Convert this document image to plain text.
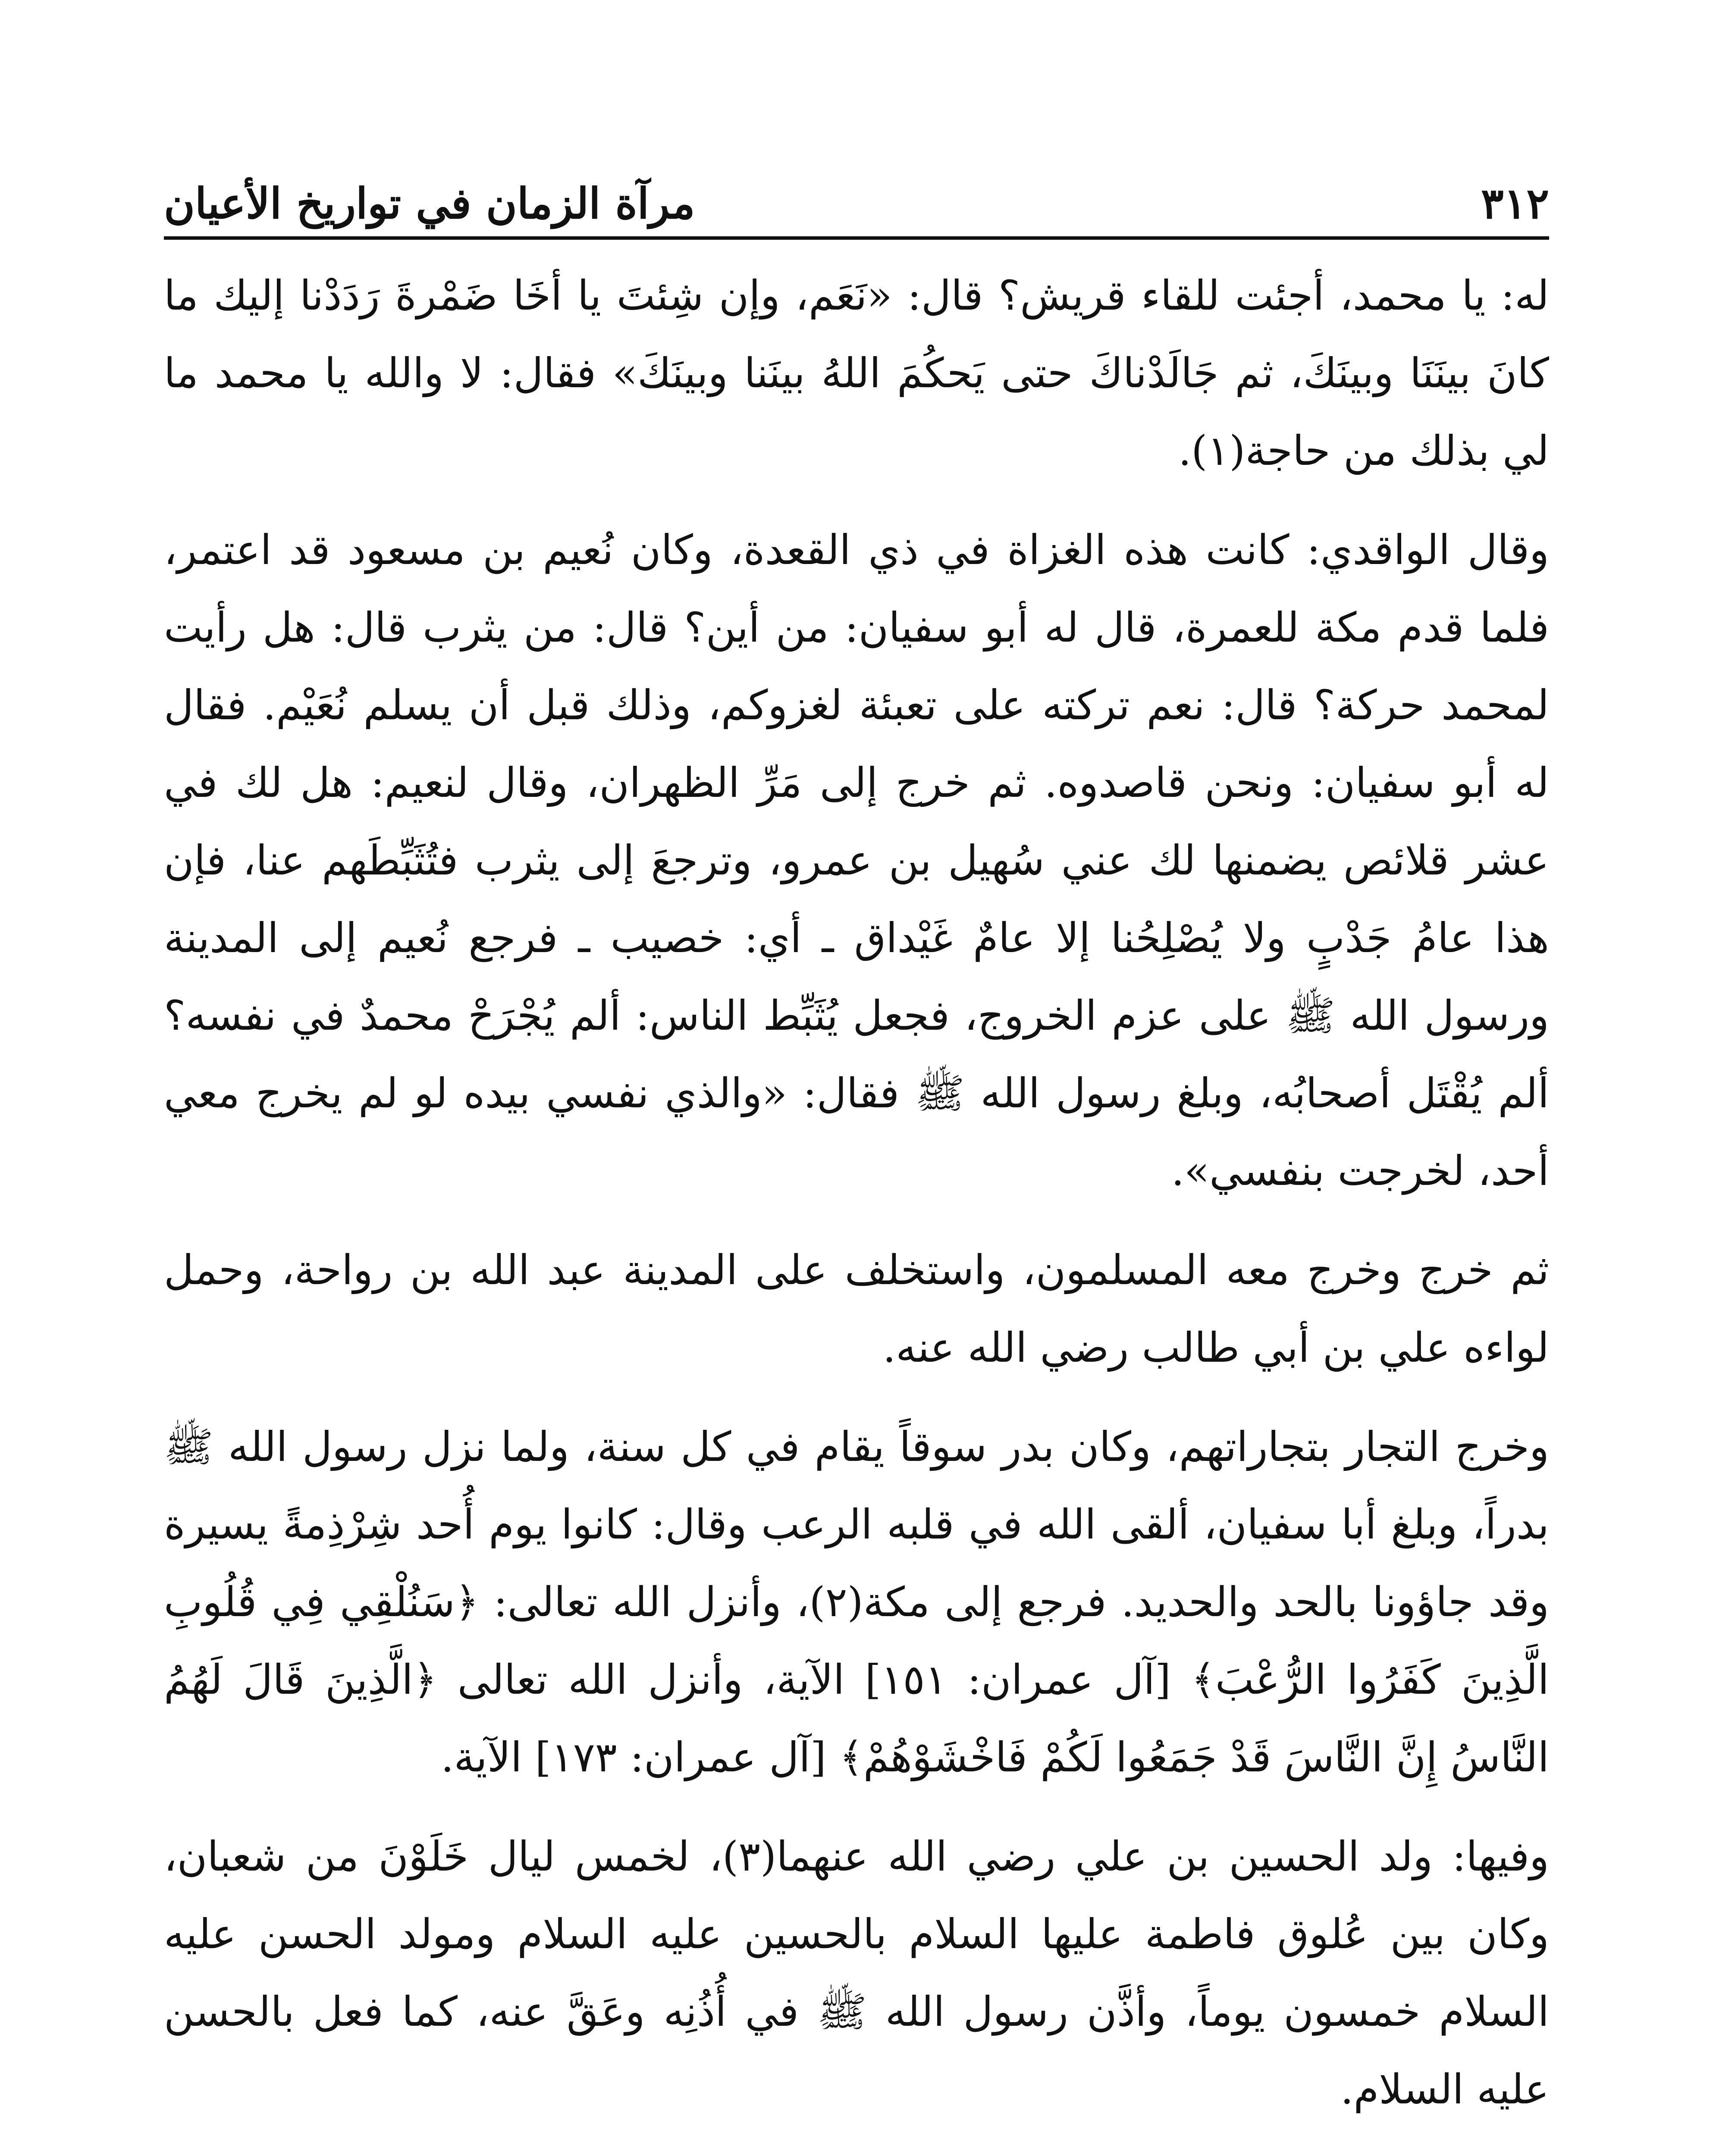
مرآة الزمان في تواريخ الأعيان	٣١٢

له: يا محمد، أجئت للقاء قريش؟ قال: «نَعَم، وإن شِئتَ يا أخَا ضَمْرةَ رَدَدْنا إليك ما كانَ بينَنَا وبينَكَ، ثم جَالَدْناكَ حتى يَحكُمَ اللهُ بينَنا وبينَكَ» فقال: لا والله يا محمد ما لي بذلك من حاجة(١).

وقال الواقدي: كانت هذه الغزاة في ذي القعدة، وكان نُعيم بن مسعود قد اعتمر، فلما قدم مكة للعمرة، قال له أبو سفيان: من أين؟ قال: من يثرب قال: هل رأيت لمحمد حركة؟ قال: نعم تركته على تعبئة لغزوكم، وذلك قبل أن يسلم نُعَيْم. فقال له أبو سفيان: ونحن قاصدوه. ثم خرج إلى مَرِّ الظهران، وقال لنعيم: هل لك في عشر قلائص يضمنها لك عني سُهيل بن عمرو، وترجعَ إلى يثرب فتُثَبِّطَهم عنا، فإن هذا عامُ جَدْبٍ ولا يُصْلِحُنا إلا عامٌ غَيْداق ـ أي: خصيب ـ فرجع نُعيم إلى المدينة ورسول الله ﷺ على عزم الخروج، فجعل يُثَبِّط الناس: ألم يُجْرَحْ محمدٌ في نفسه؟ ألم يُقْتَل أصحابُه، وبلغ رسول الله ﷺ فقال: «والذي نفسي بيده لو لم يخرج معي أحد، لخرجت بنفسي».

ثم خرج وخرج معه المسلمون، واستخلف على المدينة عبد الله بن رواحة، وحمل لواءه علي بن أبي طالب رضي الله عنه.

وخرج التجار بتجاراتهم، وكان بدر سوقاً يقام في كل سنة، ولما نزل رسول الله ﷺ بدراً، وبلغ أبا سفيان، ألقى الله في قلبه الرعب وقال: كانوا يوم أُحد شِرْذِمةً يسيرة وقد جاؤونا بالحد والحديد. فرجع إلى مكة(٢)، وأنزل الله تعالى: ﴿سَنُلْقِي فِي قُلُوبِ الَّذِينَ كَفَرُوا الرُّعْبَ﴾ [آل عمران: ١٥١] الآية، وأنزل الله تعالى ﴿الَّذِينَ قَالَ لَهُمُ النَّاسُ إِنَّ النَّاسَ قَدْ جَمَعُوا لَكُمْ فَاخْشَوْهُمْ﴾ [آل عمران: ١٧٣] الآية.

وفيها: ولد الحسين بن علي رضي الله عنهما(٣)، لخمس ليال خَلَوْنَ من شعبان، وكان بين عُلوق فاطمة عليها السلام بالحسين عليه السلام ومولد الحسن عليه السلام خمسون يوماً، وأذَّن رسول الله ﷺ في أُذُنِه وعَقَّ عنه، كما فعل بالحسن عليه السلام.
